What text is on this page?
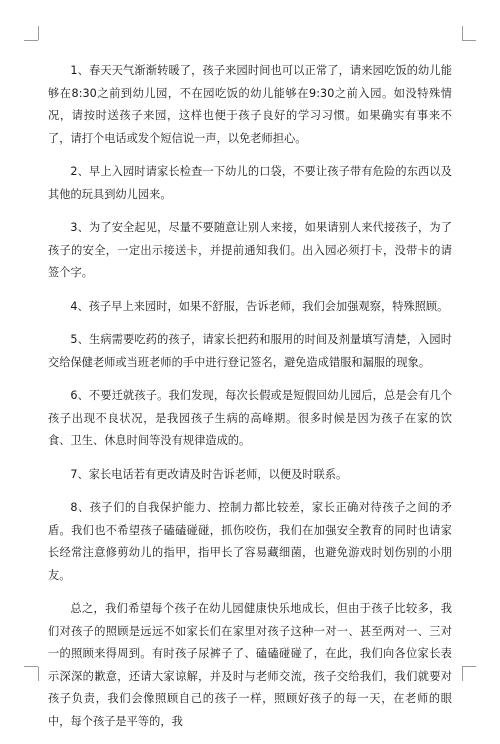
1、春天天气渐渐转暖了，孩子来园时间也可以正常了，请来园吃饭的幼儿能够在8:30之前到幼儿园，不在园吃饭的幼儿能够在9:30之前入园。如没特殊情况，请按时送孩子来园，这样也便于孩子良好的学习习惯。如果确实有事来不了，请打个电话或发个短信说一声，以免老师担心。

2、早上入园时请家长检查一下幼儿的口袋，不要让孩子带有危险的东西以及其他的玩具到幼儿园来。

3、为了安全起见，尽量不要随意让别人来接，如果请别人来代接孩子，为了孩子的安全，一定出示接送卡，并提前通知我们。出入园必须打卡，没带卡的请签个字。

4、孩子早上来园时，如果不舒服，告诉老师，我们会加强观察，特殊照顾。

5、生病需要吃药的孩子，请家长把药和服用的时间及剂量填写清楚，入园时交给保健老师或当班老师的手中进行登记签名，避免造成错服和漏服的现象。

6、不要迁就孩子。我们发现，每次长假或是短假回幼儿园后，总是会有几个孩子出现不良状况，是我园孩子生病的高峰期。很多时候是因为孩子在家的饮食、卫生、休息时间等没有规律造成的。

7、家长电话若有更改请及时告诉老师，以便及时联系。

8、孩子们的自我保护能力、控制力都比较差，家长正确对待孩子之间的矛盾。我们也不希望孩子磕磕碰碰，抓伤咬伤，我们在加强安全教育的同时也请家长经常注意修剪幼儿的指甲，指甲长了容易藏细菌，也避免游戏时划伤别的小朋友。

总之，我们希望每个孩子在幼儿园健康快乐地成长，但由于孩子比较多，我们对孩子的照顾是远远不如家长们在家里对孩子这种一对一、甚至两对一、三对一的照顾来得周到。有时孩子尿裤子了、磕磕碰碰了，在此，我们向各位家长表示深深的歉意，还请大家谅解，并及时与老师交流，孩子交给我们，我们就要对孩子负责，我们会像照顾自己的孩子一样，照顾好孩子的每一天，在老师的眼中，每个孩子是平等的，我
